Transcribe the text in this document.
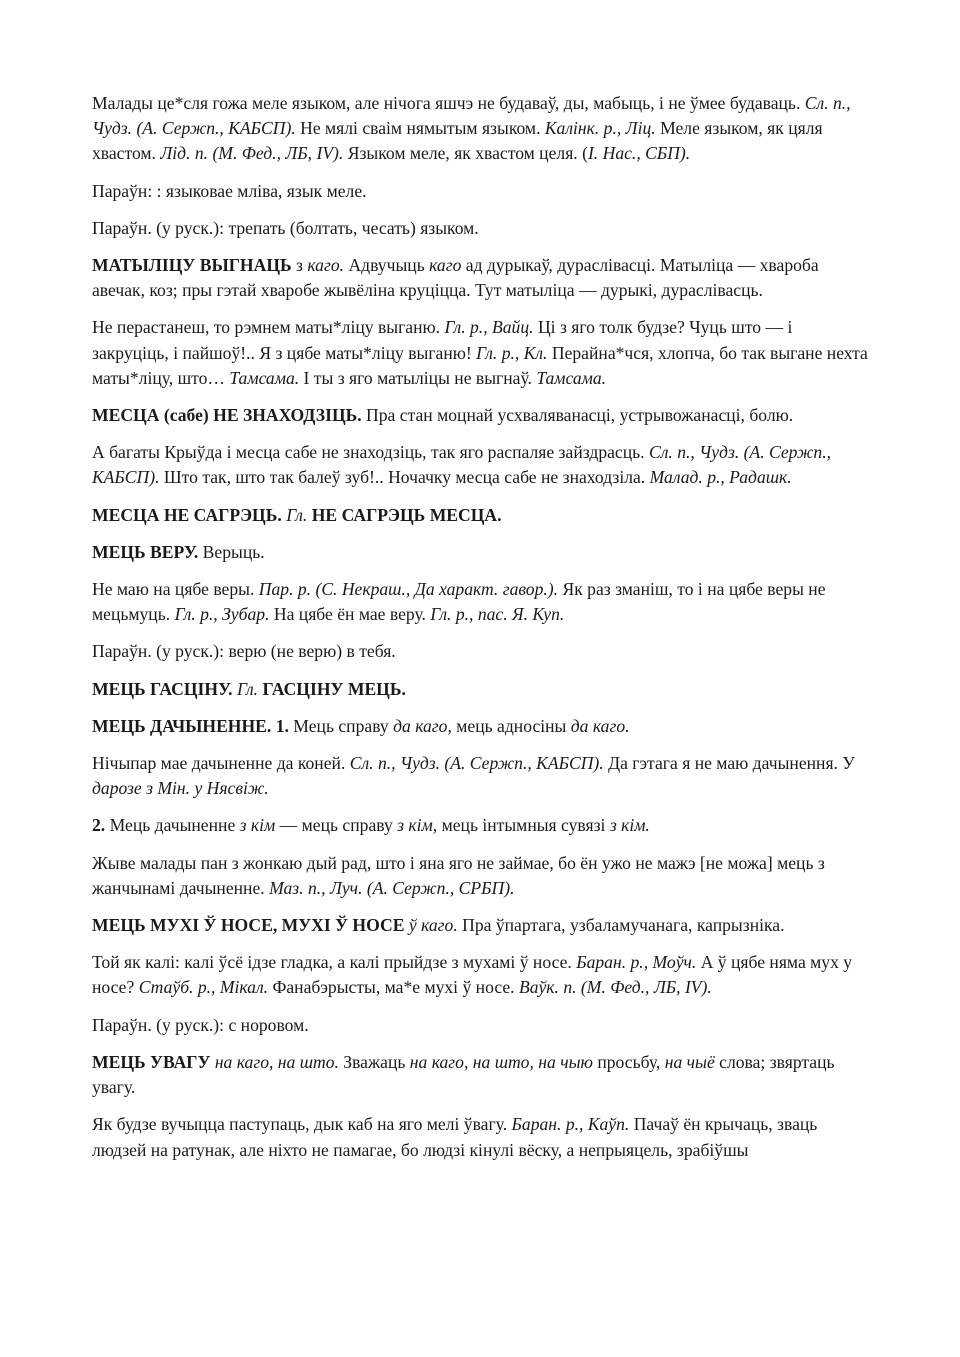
Малады це*сля гожа меле языком, але нічога яшчэ не будаваў, ды, мабыць, і не ўмее будаваць. Сл. п., Чудз. (А. Сержп., КАБСП). Не мялі сваім нямытым языком. Калінк. р., Ліц. Меле языком, як цяля хвастом. Лід. п. (М. Фед., ЛБ, IV). Языком меле, як хвастом целя. (І. Нас., СБП).

Параўн: : языковае мліва, язык меле.

Параўн. (у руск.): трепать (болтать, чесать) языком.

МАТЫЛІЦУ ВЫГНАЦЬ з каго. Адвучыць каго ад дурыкаў, дураслівасці. Матыліца — хвароба авечак, коз; пры гэтай хваробе жывёліна круціцца. Тут матыліца — дурыкі, дураслівасць.

Не перастанеш, то рэмнем маты*ліцу выганю. Гл. р., Вайц. Ці з яго толк будзе? Чуць што — і закруціць, і пайшоў!.. Я з цябе маты*ліцу выганю! Гл. р., Кл. Перайна*чся, хлопча, бо так выгане нехта маты*ліцу, што… Тамсама. І ты з яго матыліцы не выгнаў. Тамсама.

МЕСЦА (сабе) НЕ ЗНАХОДЗІЦЬ. Пра стан моцнай усхваляванасці, устрывожанасці, болю.

А багаты Крыўда і месца сабе не знаходзіць, так яго распаляе зайздрасць. Сл. п., Чудз. (А. Сержп., КАБСП). Што так, што так балеў зуб!.. Ночачку месца сабе не знаходзіла. Малад. р., Радашк.

МЕСЦА НЕ САГРЭЦЬ. Гл. НЕ САГРЭЦЬ МЕСЦА.

МЕЦЬ ВЕРУ. Верыць.

Не маю на цябе веры. Пар. р. (С. Некраш., Да характ. гавор.). Як раз зманіш, то і на цябе веры не мецьмуць. Гл. р., Зубар. На цябе ён мае веру. Гл. р., пас. Я. Куп.

Параўн. (у руск.): верю (не верю) в тебя.

МЕЦЬ ГАСЦІНУ. Гл. ГАСЦІНУ МЕЦЬ.

МЕЦЬ ДАЧЫНЕННЕ. 1. Мець справу да каго, мець адносіны да каго.

Нічыпар мае дачыненне да коней. Сл. п., Чудз. (А. Сержп., КАБСП). Да гэтага я не маю дачынення. У дарозе з Мін. у Нясвіж.

2. Мець дачыненне з кім — мець справу з кім, мець інтымныя сувязі з кім.

Жыве малады пан з жонкаю дый рад, што і яна яго не займае, бо ён ужо не мажэ [не можа] мець з жанчынамі дачыненне. Маз. п., Луч. (А. Сержп., СРБП).

МЕЦЬ МУХІ Ў НОСЕ, МУХІ Ў НОСЕ ў каго. Пра ўпартага, узбаламучанага, капрызніка.

Той як калі: калі ўсё ідзе гладка, а калі прыйдзе з мухамі ў носе. Баран. р., Моўч. А ў цябе няма мух у носе? Стаўб. р., Мікал. Фанабэрысты, ма*е мухі ў носе. Ваўк. п. (М. Фед., ЛБ, IV).

Параўн. (у руск.): с норовом.

МЕЦЬ УВАГУ на каго, на што. Зважаць на каго, на што, на чыю просьбу, на чыё слова; звяртаць увагу.

Як будзе вучыцца паступаць, дык каб на яго мелі ўвагу. Баран. р., Каўп. Пачаў ён крычаць, зваць людзей на ратунак, але ніхто не памагае, бо людзі кінулі вёску, а непрыяцель, зрабіўшы
